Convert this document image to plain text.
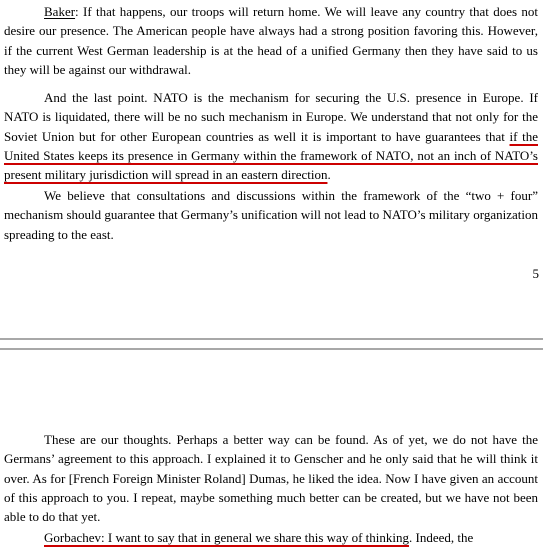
Baker: If that happens, our troops will return home. We will leave any country that does not desire our presence. The American people have always had a strong position favoring this. However, if the current West German leadership is at the head of a unified Germany then they have said to us they will be against our withdrawal.

And the last point. NATO is the mechanism for securing the U.S. presence in Europe. If NATO is liquidated, there will be no such mechanism in Europe. We understand that not only for the Soviet Union but for other European countries as well it is important to have guarantees that if the United States keeps its presence in Germany within the framework of NATO, not an inch of NATO’s present military jurisdiction will spread in an eastern direction.

We believe that consultations and discussions within the framework of the “two + four” mechanism should guarantee that Germany’s unification will not lead to NATO’s military organization spreading to the east.

5

These are our thoughts. Perhaps a better way can be found. As of yet, we do not have the Germans’ agreement to this approach. I explained it to Genscher and he only said that he will think it over. As for [French Foreign Minister Roland] Dumas, he liked the idea. Now I have given an account of this approach to you. I repeat, maybe something much better can be created, but we have not been able to do that yet.

Gorbachev: I want to say that in general we share this way of thinking. Indeed, the
